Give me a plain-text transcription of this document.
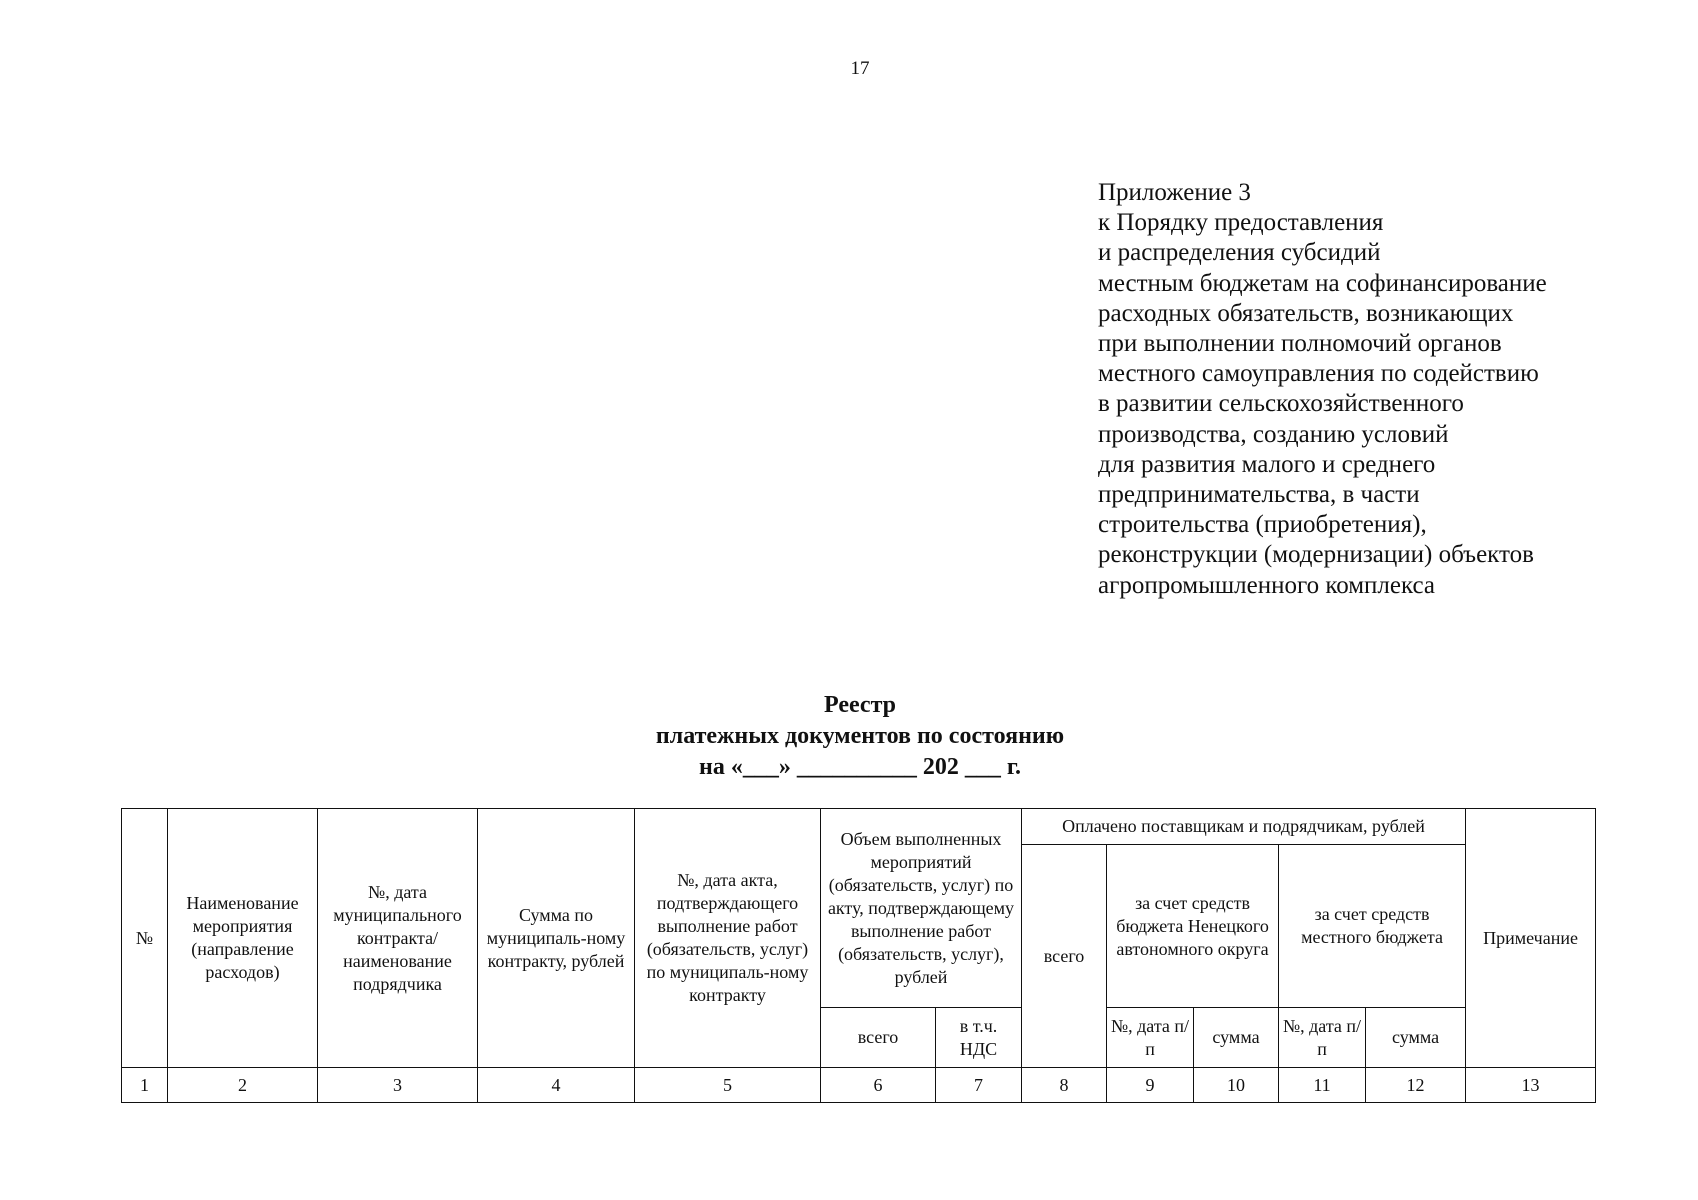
17
Приложение 3
к Порядку предоставления
и распределения субсидий
местным бюджетам на софинансирование
расходных обязательств, возникающих
при выполнении полномочий органов
местного самоуправления по содействию
в развитии сельскохозяйственного
производства, созданию условий
для развития малого и среднего
предпринимательства, в части
строительства (приобретения),
реконструкции (модернизации) объектов
агропромышленного комплекса
Реестр
платежных документов по состоянию
на «___» __________ 202 ___ г.
№	Наименование мероприятия (направление расходов)	№, дата муниципального контракта/ наименование подрядчика	Сумма по муниципаль-ному контракту, рублей	№, дата акта, подтверждающего выполнение работ (обязательств, услуг) по муниципаль-ному контракту	Объем выполненных мероприятий (обязательств, услуг) по акту, подтверждающему выполнение работ (обязательств, услуг), рублей		Оплачено поставщикам и подрядчикам, рублей					Примечание
							всего	за счет средств бюджета Ненецкого автономного округа		за счет средств местного бюджета		
					всего	в т.ч. НДС		№, дата п/п	сумма	№, дата п/п	сумма	
1	2	3	4	5	6	7	8	9	10	11	12	13
